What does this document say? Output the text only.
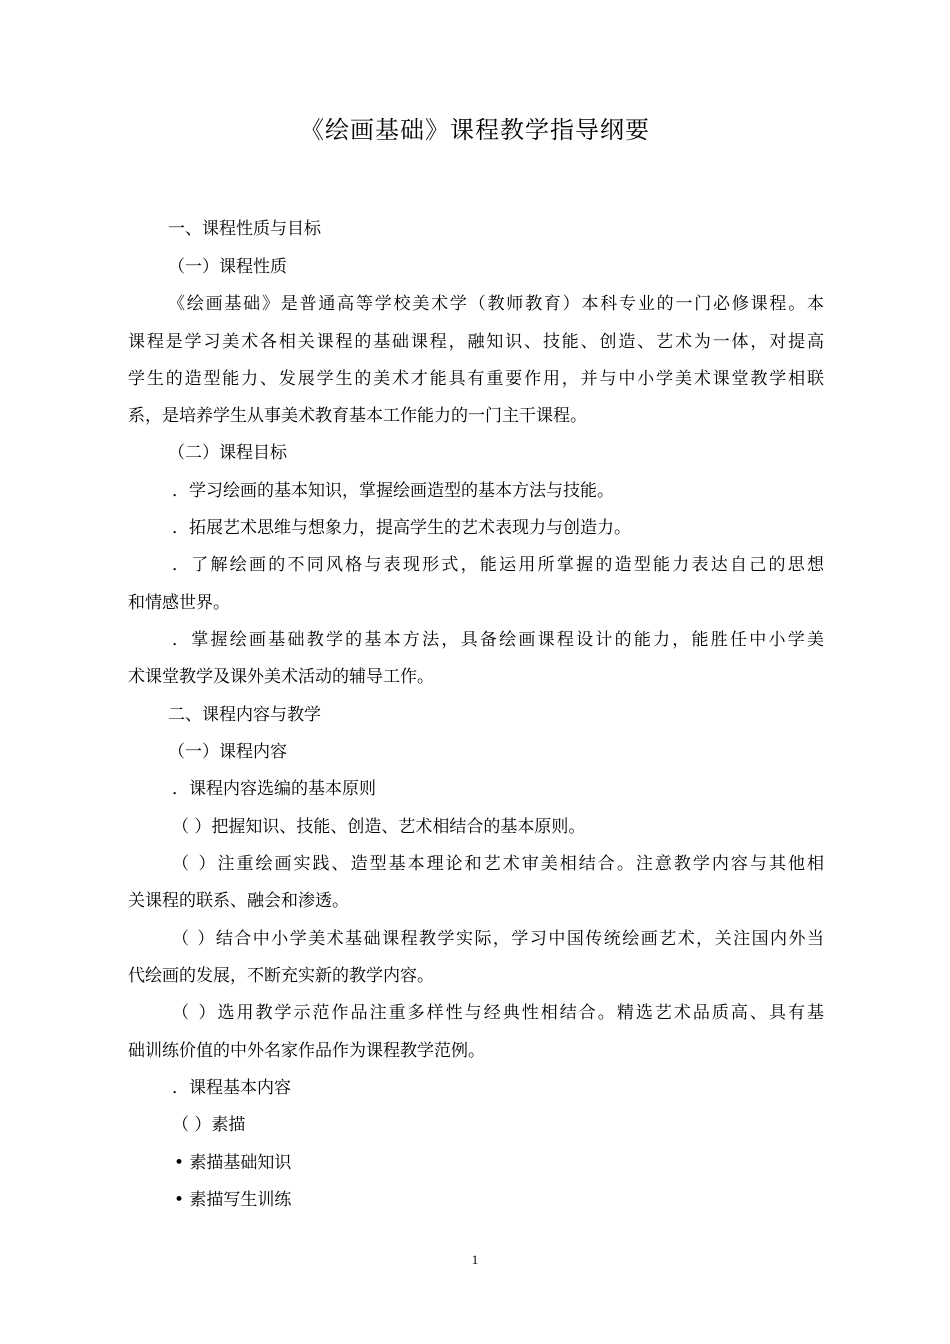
《绘画基础》课程教学指导纲要
一、课程性质与目标
（一）课程性质
《绘画基础》是普通高等学校美术学（教师教育）本科专业的一门必修课程。本
课程是学习美术各相关课程的基础课程，融知识、技能、创造、艺术为一体，对提高
学生的造型能力、发展学生的美术才能具有重要作用，并与中小学美术课堂教学相联
系，是培养学生从事美术教育基本工作能力的一门主干课程。
（二）课程目标
．学习绘画的基本知识，掌握绘画造型的基本方法与技能。
．拓展艺术思维与想象力，提高学生的艺术表现力与创造力。
．了解绘画的不同风格与表现形式，能运用所掌握的造型能力表达自己的思想
和情感世界。
．掌握绘画基础教学的基本方法，具备绘画课程设计的能力，能胜任中小学美
术课堂教学及课外美术活动的辅导工作。
二、课程内容与教学
（一）课程内容
．课程内容选编的基本原则
（ ）把握知识、技能、创造、艺术相结合的基本原则。
（ ）注重绘画实践、造型基本理论和艺术审美相结合。注意教学内容与其他相
关课程的联系、融会和渗透。
（ ）结合中小学美术基础课程教学实际，学习中国传统绘画艺术，关注国内外当
代绘画的发展，不断充实新的教学内容。
（ ）选用教学示范作品注重多样性与经典性相结合。精选艺术品质高、具有基
础训练价值的中外名家作品作为课程教学范例。
．课程基本内容
（ ）素描
• 素描基础知识
• 素描写生训练
1
